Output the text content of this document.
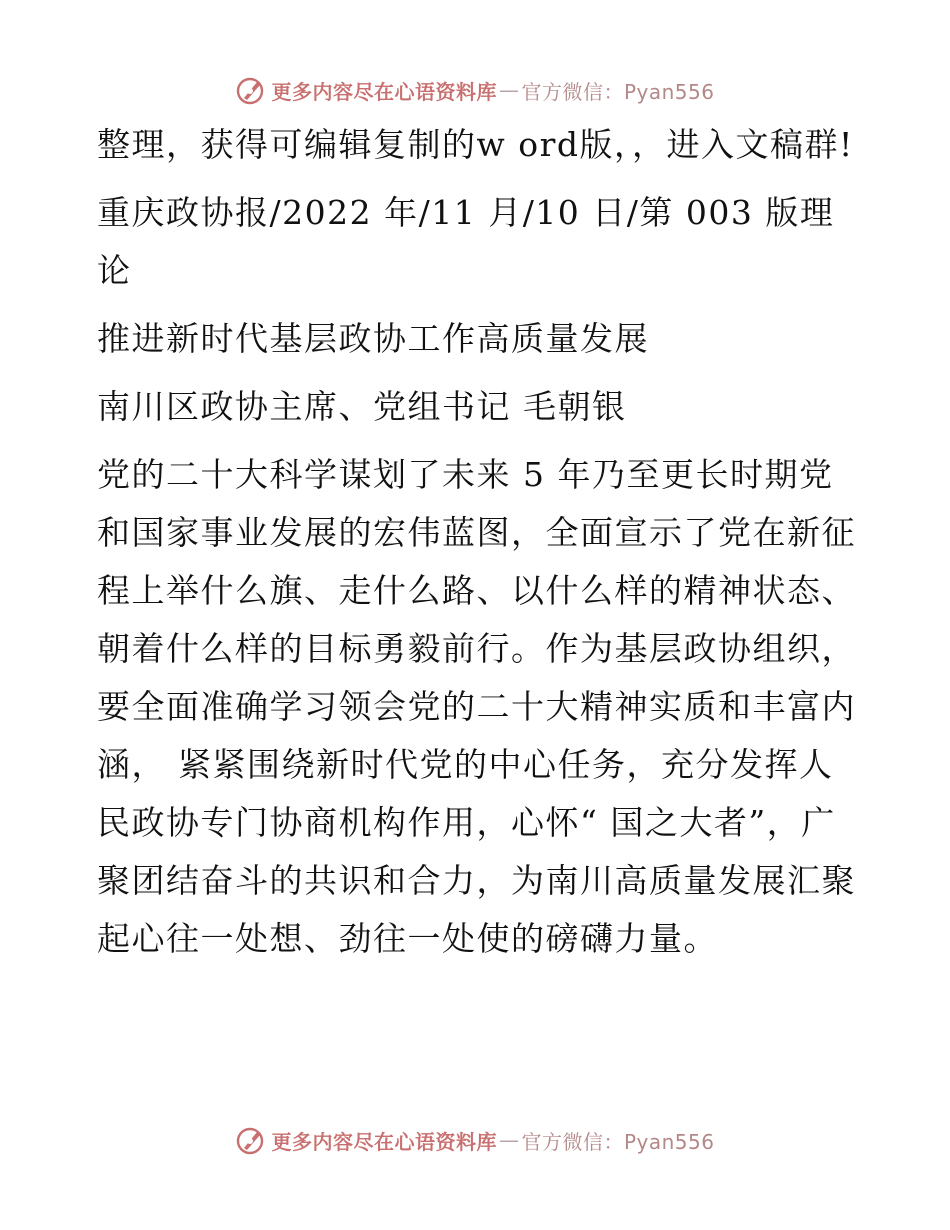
更多内容尽在心语资料库 — 官方微信：Pyan556

整理，获得可编辑复制的w ord版，，进入文稿群!

重庆政协报/2022 年/11 月/10 日/第 003 版理论

推进新时代基层政协工作高质量发展

南川区政协主席、党组书记 毛朝银

党的二十大科学谋划了未来 5 年乃至更长时期党和国家事业发展的宏伟蓝图，全面宣示了党在新征程上举什么旗、走什么路、以什么样的精神状态、朝着什么样的目标勇毅前行。作为基层政协组织，要全面准确学习领会党的二十大精神实质和丰富内涵， 紧紧围绕新时代党的中心任务，充分发挥人民政协专门协商机构作用，心怀“ 国之大者”，广聚团结奋斗的共识和合力，为南川高质量发展汇聚起心往一处想、劲往一处使的磅礴力量。

更多内容尽在心语资料库 — 官方微信：Pyan556
